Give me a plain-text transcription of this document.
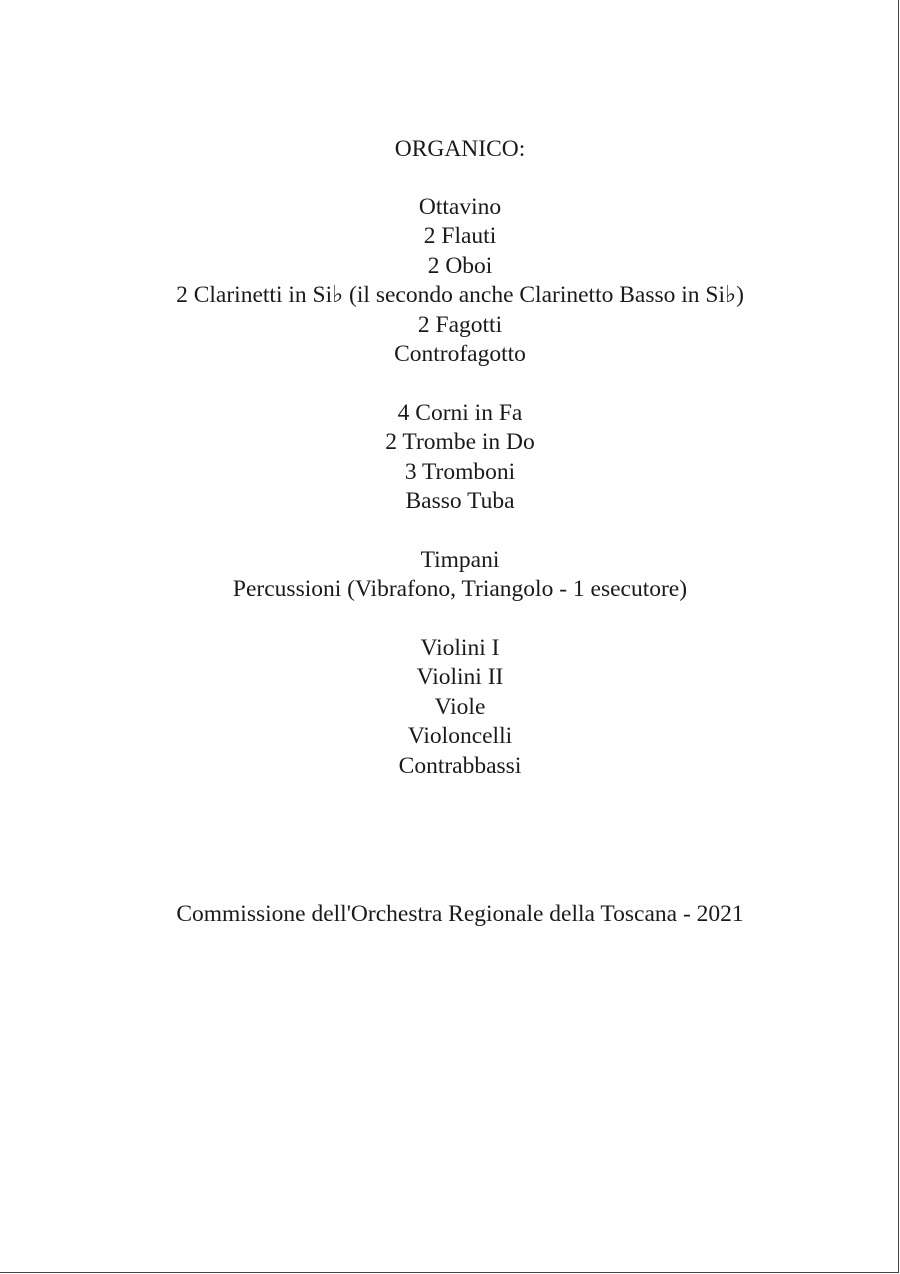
ORGANICO:
Ottavino
2 Flauti
2 Oboi
2 Clarinetti in Si♭ (il secondo anche Clarinetto Basso in Si♭)
2 Fagotti
Controfagotto
4 Corni in Fa
2 Trombe in Do
3 Tromboni
Basso Tuba
Timpani
Percussioni (Vibrafono, Triangolo - 1 esecutore)
Violini I
Violini II
Viole
Violoncelli
Contrabbassi
Commissione dell'Orchestra Regionale della Toscana - 2021
